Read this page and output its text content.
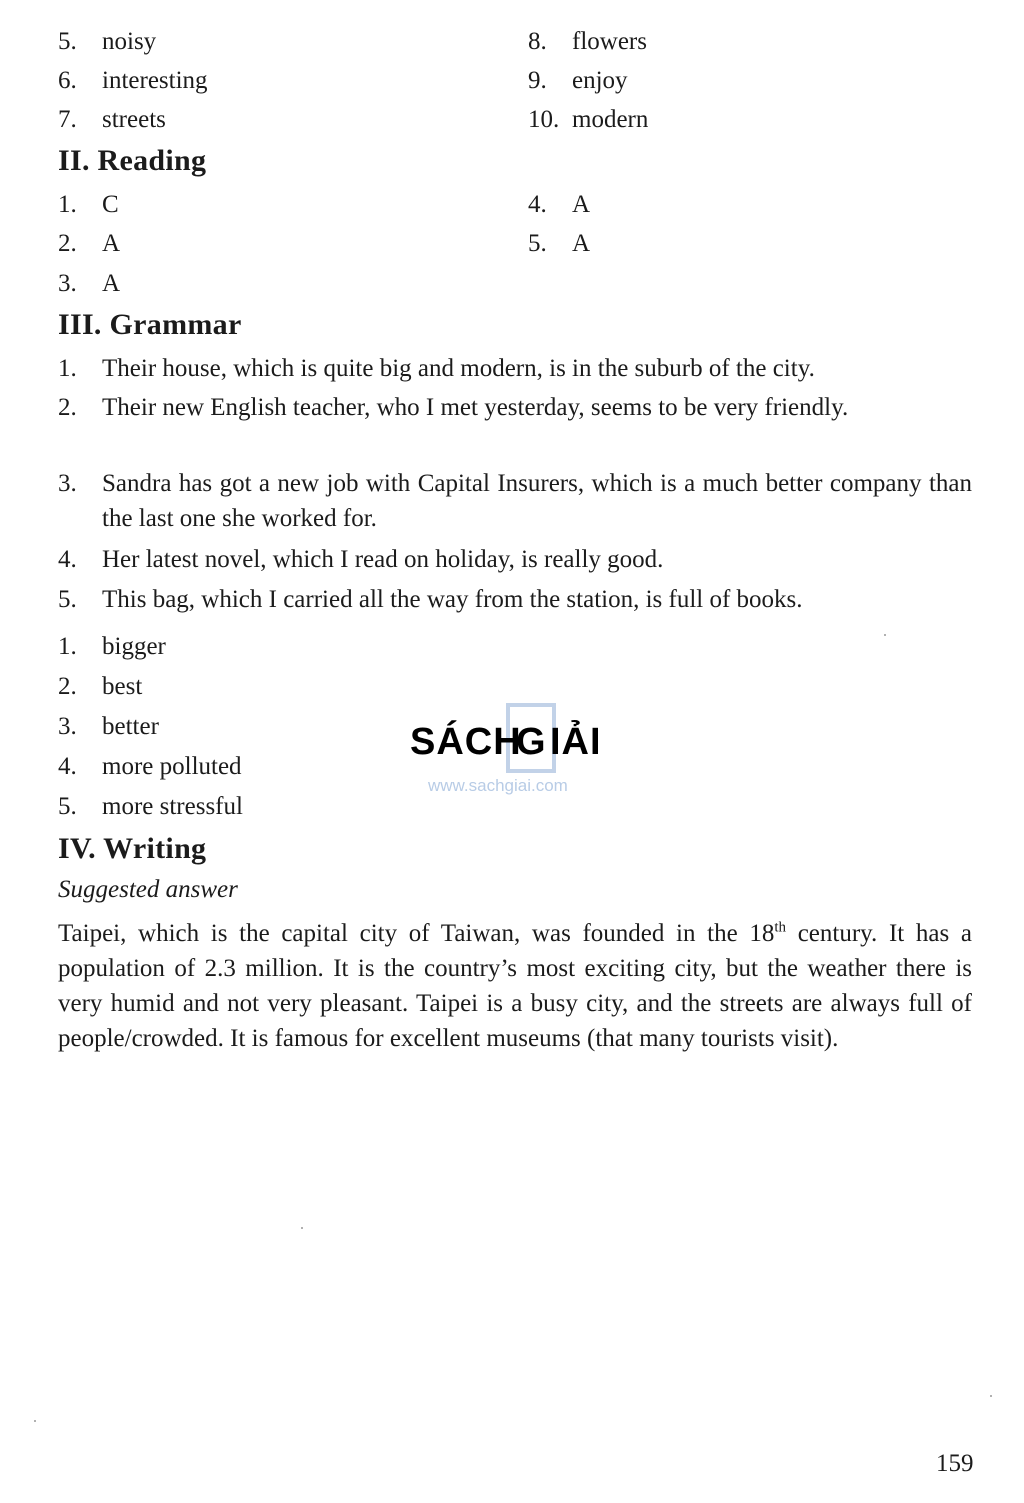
5. noisy
6. interesting
7. streets
8. flowers
9. enjoy
10. modern
II. Reading
1. C
2. A
3. A
4. A
5. A
III. Grammar
1. Their house, which is quite big and modern, is in the suburb of the city.
2. Their new English teacher, who I met yesterday, seems to be very friendly.
3. Sandra has got a new job with Capital Insurers, which is a much better company than the last one she worked for.
4. Her latest novel, which I read on holiday, is really good.
5. This bag, which I carried all the way from the station, is full of books.
1. bigger
2. best
3. better
4. more polluted
5. more stressful
SÁCH
G IẢI
www.sachgiai.com
IV. Writing
Suggested answer
Taipei, which is the capital city of Taiwan, was founded in the 18th century. It has a population of 2.3 million. It is the country’s most exciting city, but the weather there is very humid and not very pleasant. Taipei is a busy city, and the streets are always full of people/crowded. It is famous for excellent museums (that many tourists visit).
159
